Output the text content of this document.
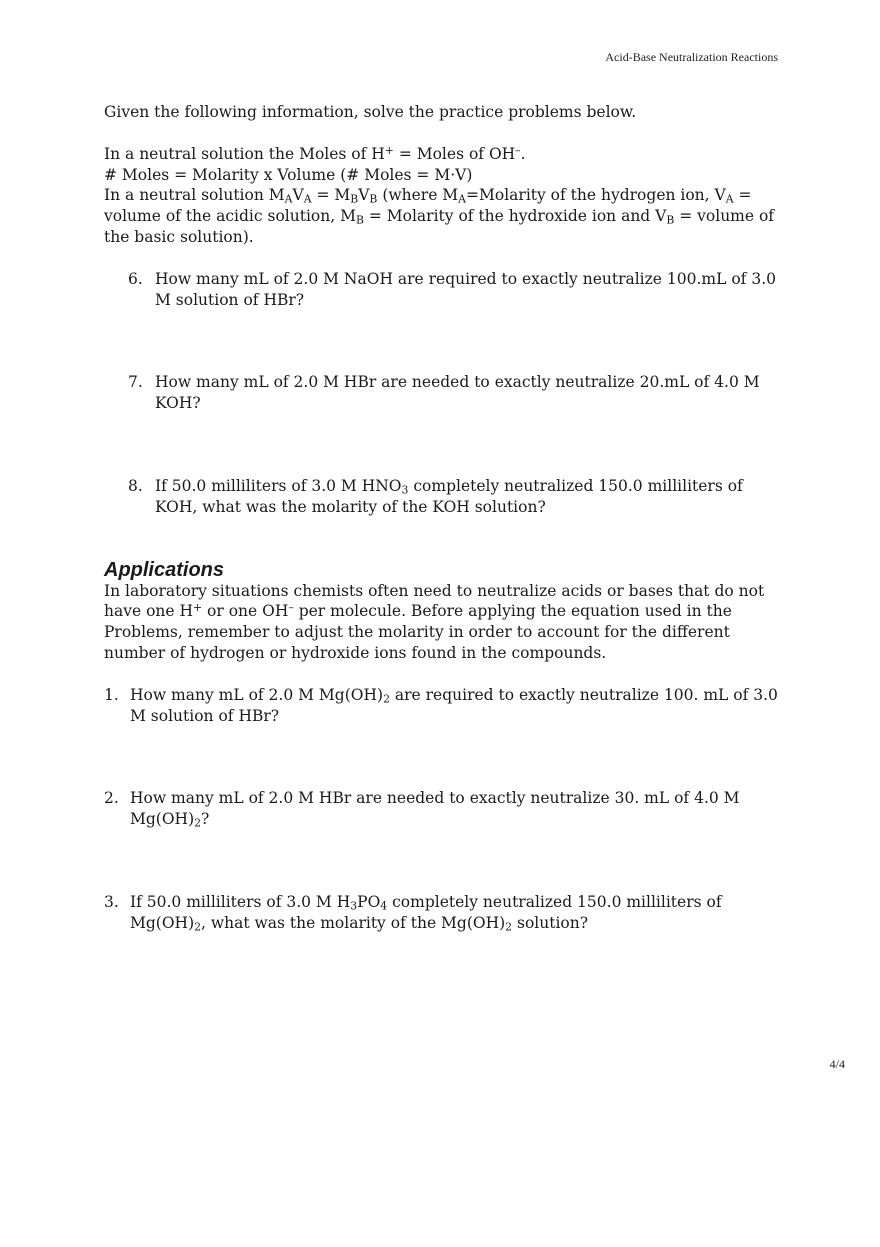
Acid-Base Neutralization Reactions

Given the following information, solve the practice problems below.

In a neutral solution the Moles of H+ = Moles of OH–.

# Moles = Molarity x Volume (# Moles = M·V)

In a neutral solution $M_AV_A = M_BV_B$ (where $M_A=Molarity$ of the hydrogen ion, $V_A$ = volume of the acidic solution, $M_B$ = Molarity of the hydroxide ion and $V_B$ = volume of the basic solution).

6. How many mL of 2.0 M NaOH are required to exactly neutralize 100.mL of 3.0 M solution of HBr?
7. How many mL of 2.0 M HBr are needed to exactly neutralize 20.mL of 4.0 M KOH?
8. If 50.0 milliliters of 3.0 M $HNO_3$ completely neutralized 150.0 milliliters of KOH, what was the molarity of the KOH solution?
Applications

In laboratory situations chemists often need to neutralize acids or bases that do not have one H+ or one OH– per molecule. Before applying the equation used in the Problems, remember to adjust the molarity in order to account for the different number of hydrogen or hydroxide ions found in the compounds.

1. How many mL of 2.0 M $Mg(OH)_2$ are required to exactly neutralize 100. mL of 3.0 M solution of HBr?
2. How many mL of 2.0 M HBr are needed to exactly neutralize 30. mL of 4.0 M $Mg(OH)_2$?
3. If 50.0 milliliters of 3.0 M $H_3PO_4$ completely neutralized 150.0 milliliters of $Mg(OH)_2$, what was the molarity of the $Mg(OH)_2$ solution?
4/4
